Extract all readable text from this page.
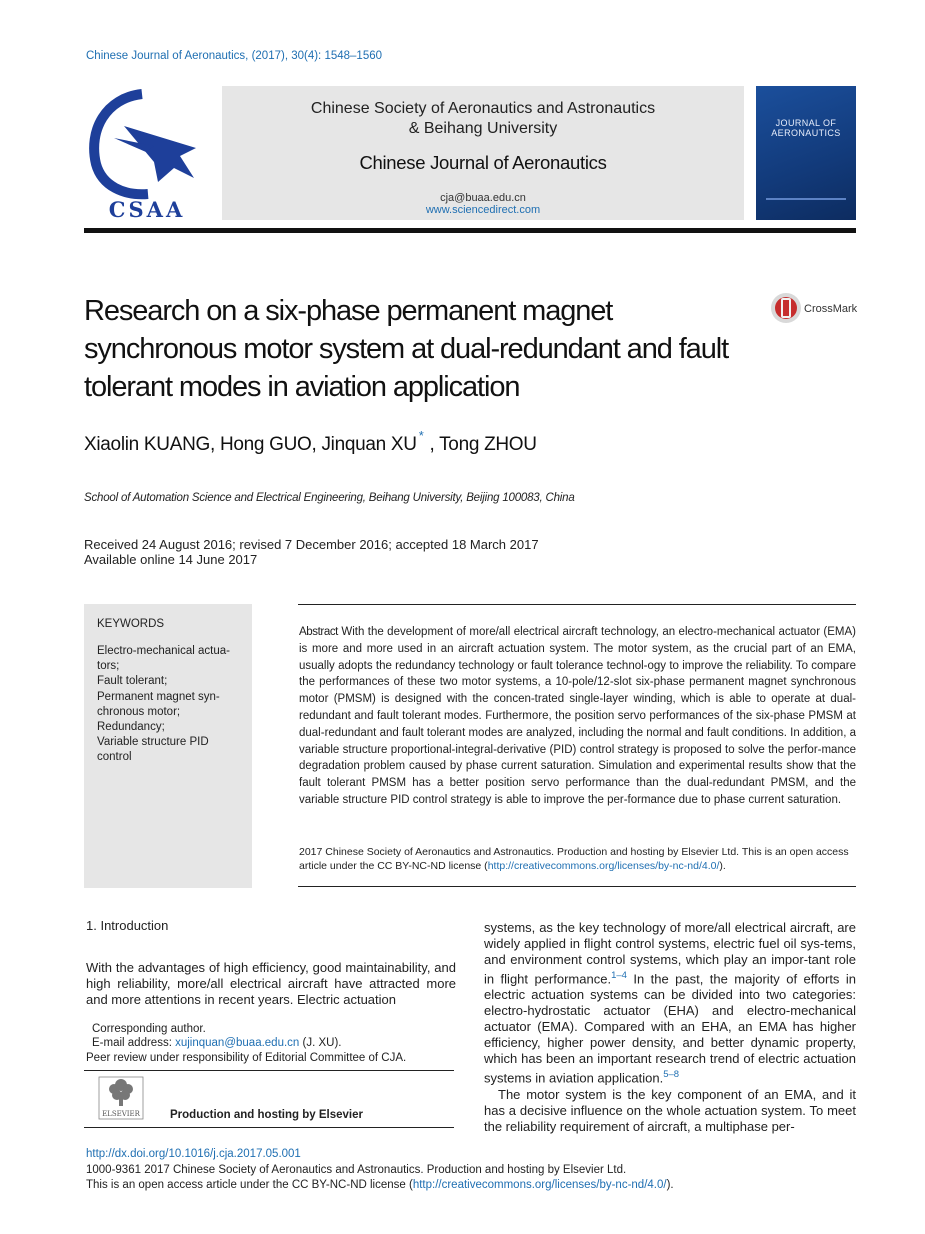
Chinese Journal of Aeronautics, (2017), 30(4): 1548–1560
CSAA
Chinese Society of Aeronautics and Astronautics
& Beihang University
Chinese Journal of Aeronautics
cja@buaa.edu.cn
www.sciencedirect.com
JOURNAL OF AERONAUTICS
Research on a six-phase permanent magnet synchronous motor system at dual-redundant and fault tolerant modes in aviation application
CrossMark
Xiaolin KUANG, Hong GUO, Jinquan XU * , Tong ZHOU
School of Automation Science and Electrical Engineering, Beihang University, Beijing 100083, China
Received 24 August 2016; revised 7 December 2016; accepted 18 March 2017 Available online 14 June 2017
KEYWORDS
Electro-mechanical actua-tors;
Fault tolerant;
Permanent magnet syn-chronous motor;
Redundancy;
Variable structure PID control
Abstract With the development of more/all electrical aircraft technology, an electro-mechanical actuator (EMA) is more and more used in an aircraft actuation system. The motor system, as the crucial part of an EMA, usually adopts the redundancy technology or fault tolerance technol-ogy to improve the reliability. To compare the performances of these two motor systems, a 10-pole/12-slot six-phase permanent magnet synchronous motor (PMSM) is designed with the concen-trated single-layer winding, which is able to operate at dual-redundant and fault tolerant modes. Furthermore, the position servo performances of the six-phase PMSM at dual-redundant and fault tolerant modes are analyzed, including the normal and fault conditions. In addition, a variable structure proportional-integral-derivative (PID) control strategy is proposed to solve the perfor-mance degradation problem caused by phase current saturation. Simulation and experimental results show that the fault tolerant PMSM has a better position servo performance than the dual-redundant PMSM, and the variable structure PID control strategy is able to improve the per-formance due to phase current saturation.
2017 Chinese Society of Aeronautics and Astronautics. Production and hosting by Elsevier Ltd. This is an open access article under the CC BY-NC-ND license (http://creativecommons.org/licenses/by-nc-nd/4.0/).
1. Introduction
With the advantages of high efficiency, good maintainability, and high reliability, more/all electrical aircraft have attracted more and more attentions in recent years. Electric actuation

systems, as the key technology of more/all electrical aircraft, are widely applied in flight control systems, electric fuel oil sys-tems, and environment control systems, which play an impor-tant role in flight performance.$^{1-4}$ In the past, the majority of efforts in electric actuation systems can be divided into two categories: electro-hydrostatic actuator (EHA) and electro-mechanical actuator (EMA). Compared with an EHA, an EMA has higher efficiency, higher power density, and better dynamic property, which has been an important research trend of electric actuation systems in aviation application.$^{5-8}$

The motor system is the key component of an EMA, and it has a decisive influence on the whole actuation system. To meet the reliability requirement of aircraft, a multiphase per-

Corresponding author.
E-mail address: xujinquan@buaa.edu.cn (J. XU).
Peer review under responsibility of Editorial Committee of CJA.
ELSEVIER	Production and hosting by Elsevier
http://dx.doi.org/10.1016/j.cja.2017.05.001
1000-9361 2017 Chinese Society of Aeronautics and Astronautics. Production and hosting by Elsevier Ltd.
This is an open access article under the CC BY-NC-ND license (http://creativecommons.org/licenses/by-nc-nd/4.0/).
